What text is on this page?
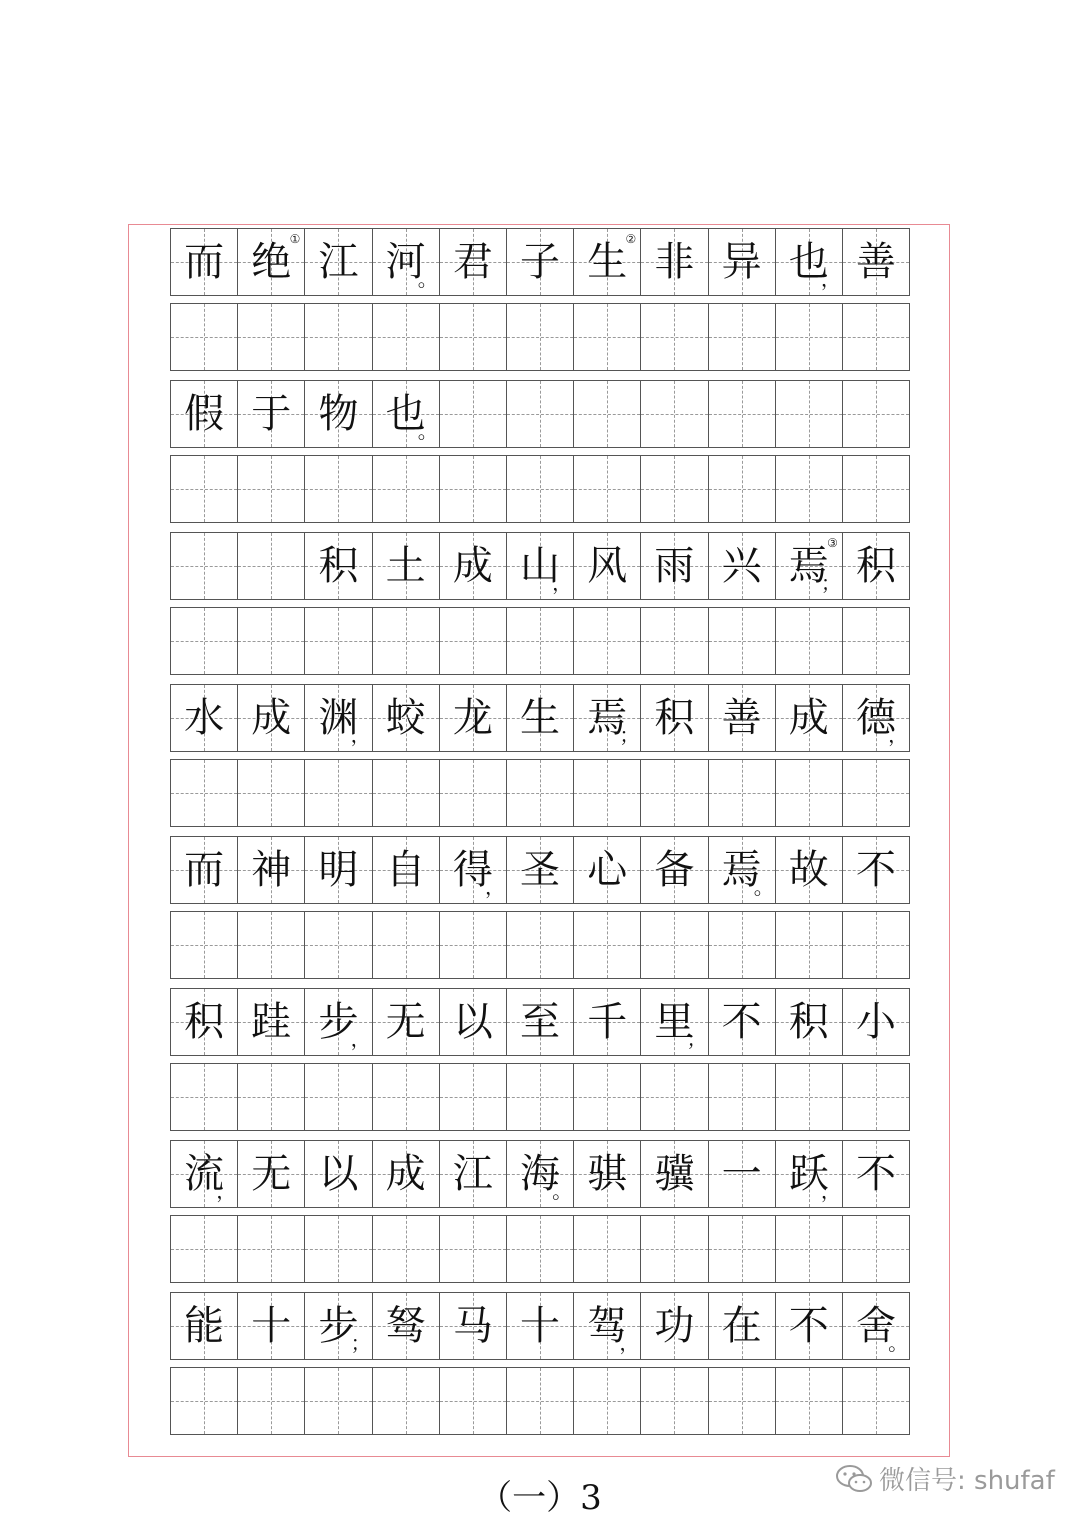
而 绝
① 江 河
。 君 子 生
② 非 异 也
， 善
假 于 物 也
。
积 土 成 山
， 风 雨 兴 焉
；
③ 积
水 成 渊
， 蛟 龙 生 焉
； 积 善 成 德
，
而 神 明 自 得
， 圣 心 备 焉
。 故 不
积 跬 步
， 无 以 至 千 里
； 不 积 小
流
， 无 以 成 江 海
。 骐 骥 一 跃
， 不
能 十 步
； 驽 马 十 驾
， 功 在 不 舍
。
（一）3	微信号: shufaf
